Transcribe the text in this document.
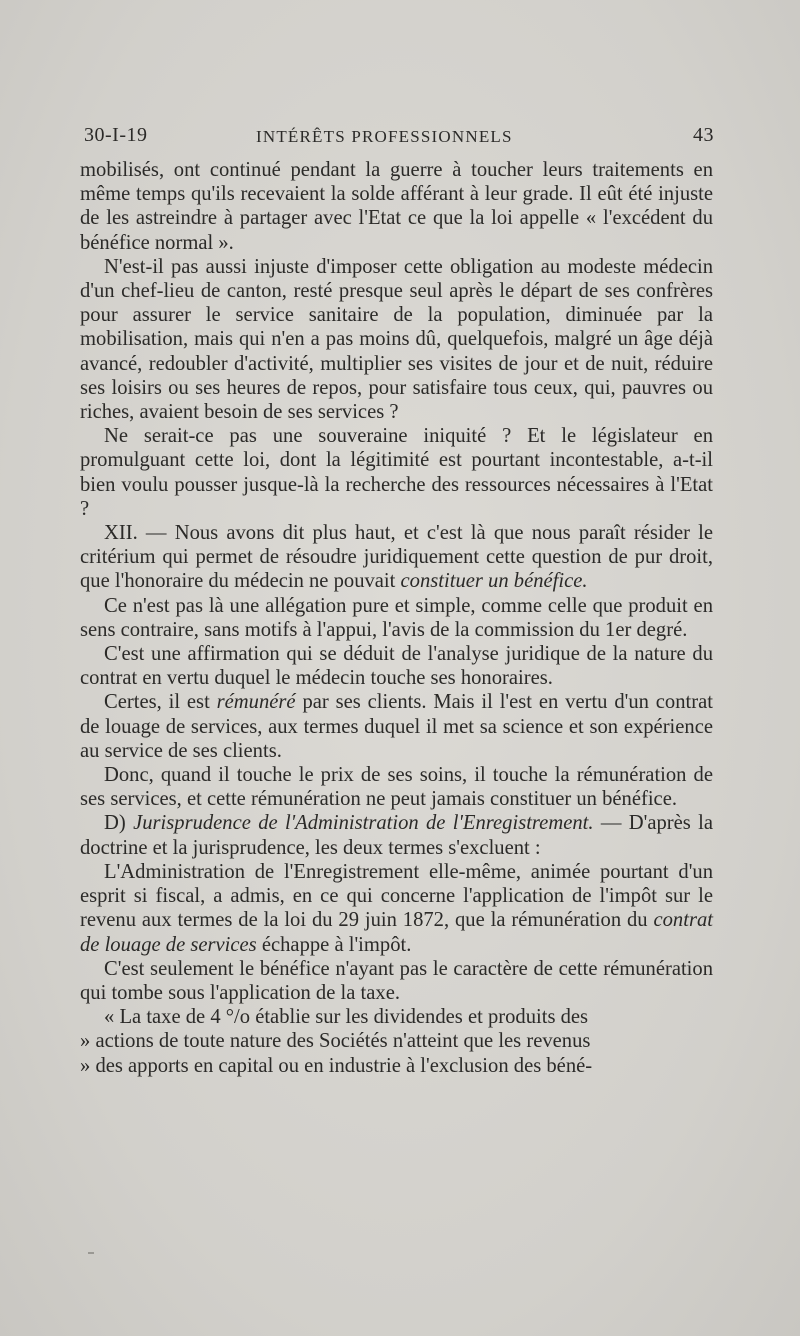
30-I-19	INTÉRÊTS PROFESSIONNELS	43

mobilisés, ont continué pendant la guerre à toucher leurs traitements en même temps qu'ils recevaient la solde afférant à leur grade. Il eût été injuste de les astreindre à partager avec l'Etat ce que la loi appelle « l'excédent du bénéfice normal ».

N'est-il pas aussi injuste d'imposer cette obligation au modeste médecin d'un chef-lieu de canton, resté presque seul après le départ de ses confrères pour assurer le service sanitaire de la population, diminuée par la mobilisation, mais qui n'en a pas moins dû, quelquefois, malgré un âge déjà avancé, redoubler d'activité, multiplier ses visites de jour et de nuit, réduire ses loisirs ou ses heures de repos, pour satisfaire tous ceux, qui, pauvres ou riches, avaient besoin de ses services ?

Ne serait-ce pas une souveraine iniquité ? Et le législateur en promulguant cette loi, dont la légitimité est pourtant incontestable, a-t-il bien voulu pousser jusque-là la recherche des ressources nécessaires à l'Etat ?

XII. — Nous avons dit plus haut, et c'est là que nous paraît résider le critérium qui permet de résoudre juridiquement cette question de pur droit, que l'honoraire du médecin ne pouvait constituer un bénéfice.

Ce n'est pas là une allégation pure et simple, comme celle que produit en sens contraire, sans motifs à l'appui, l'avis de la commission du 1er degré.

C'est une affirmation qui se déduit de l'analyse juridique de la nature du contrat en vertu duquel le médecin touche ses honoraires.

Certes, il est rémunéré par ses clients. Mais il l'est en vertu d'un contrat de louage de services, aux termes duquel il met sa science et son expérience au service de ses clients.

Donc, quand il touche le prix de ses soins, il touche la rémunération de ses services, et cette rémunération ne peut jamais constituer un bénéfice.

D) Jurisprudence de l'Administration de l'Enregistrement. — D'après la doctrine et la jurisprudence, les deux termes s'excluent :

L'Administration de l'Enregistrement elle-même, animée pourtant d'un esprit si fiscal, a admis, en ce qui concerne l'application de l'impôt sur le revenu aux termes de la loi du 29 juin 1872, que la rémunération du contrat de louage de services échappe à l'impôt.

C'est seulement le bénéfice n'ayant pas le caractère de cette rémunération qui tombe sous l'application de la taxe.

« La taxe de 4 °/o établie sur les dividendes et produits des

» actions de toute nature des Sociétés n'atteint que les revenus

» des apports en capital ou en industrie à l'exclusion des béné-
